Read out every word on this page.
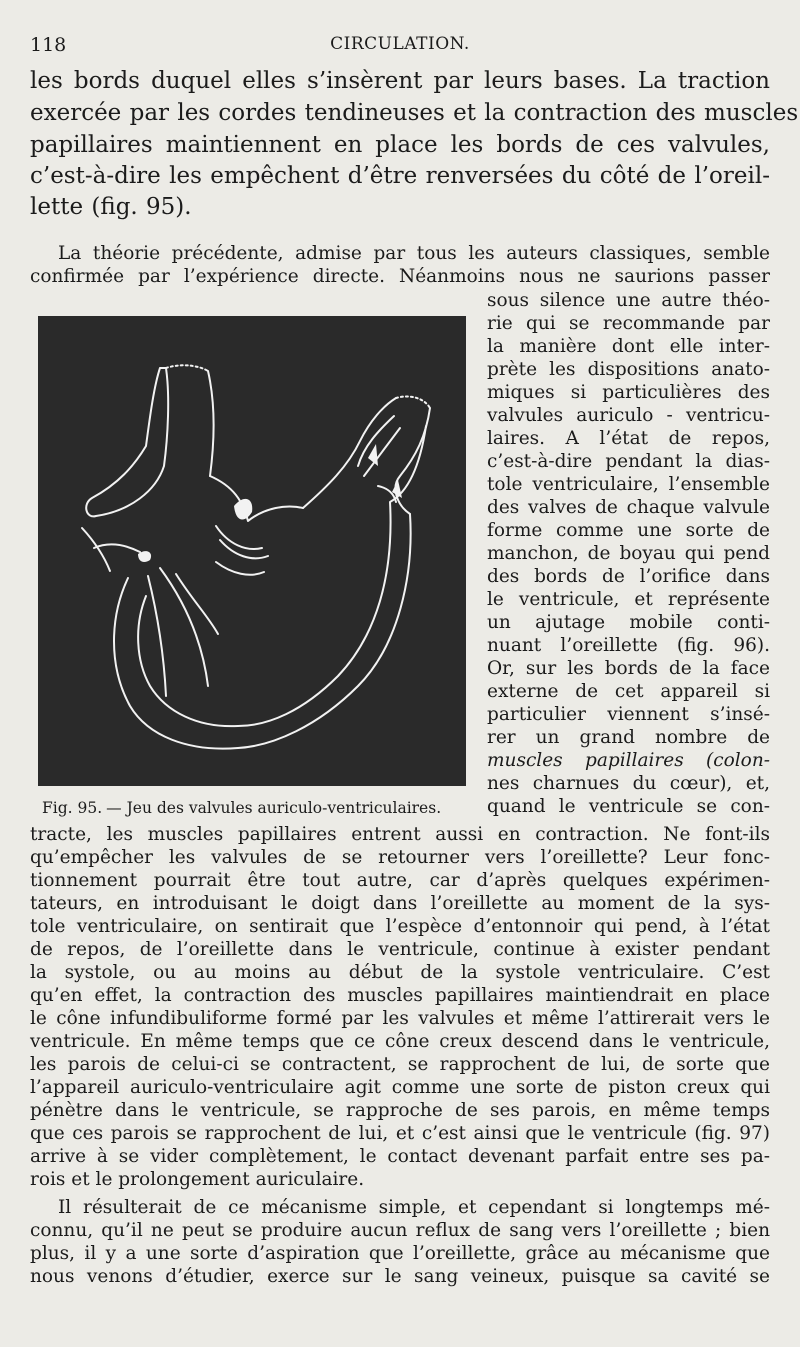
118	CIRCULATION.
les bords duquel elles s’insèrent par leurs bases. La traction
exercée par les cordes tendineuses et la contraction des muscles
papillaires maintiennent en place les bords de ces valvules,
c’est-à-dire les empêchent d’être renversées du côté de l’oreil-
lette (fig. 95).
La théorie précédente, admise par tous les auteurs classiques, semble
confirmée par l’expérience directe. Néanmoins nous ne saurions passer
Fig. 95. — Jeu des valvules auriculo-ventriculaires.
sous silence une autre théo-
rie qui se recommande par
la manière dont elle inter-
prète les dispositions anato-
miques si particulières des
valvules auriculo - ventricu-
laires. A l’état de repos,
c’est-à-dire pendant la dias-
tole ventriculaire, l’ensemble
des valves de chaque valvule
forme comme une sorte de
manchon, de boyau qui pend
des bords de l’orifice dans
le ventricule, et représente
un ajutage mobile conti-
nuant l’oreillette (fig. 96).
Or, sur les bords de la face
externe de cet appareil si
particulier viennent s’insé-
rer un grand nombre de
muscles papillaires (colon-
nes charnues du cœur), et,
quand le ventricule se con-
tracte, les muscles papillaires entrent aussi en contraction. Ne font-ils
qu’empêcher les valvules de se retourner vers l’oreillette? Leur fonc-
tionnement pourrait être tout autre, car d’après quelques expérimen-
tateurs, en introduisant le doigt dans l’oreillette au moment de la sys-
tole ventriculaire, on sentirait que l’espèce d’entonnoir qui pend, à l’état
de repos, de l’oreillette dans le ventricule, continue à exister pendant
la systole, ou au moins au début de la systole ventriculaire. C’est
qu’en effet, la contraction des muscles papillaires maintiendrait en place
le cône infundibuliforme formé par les valvules et même l’attirerait vers le
ventricule. En même temps que ce cône creux descend dans le ventricule,
les parois de celui-ci se contractent, se rapprochent de lui, de sorte que
l’appareil auriculo-ventriculaire agit comme une sorte de piston creux qui
pénètre dans le ventricule, se rapproche de ses parois, en même temps
que ces parois se rapprochent de lui, et c’est ainsi que le ventricule (fig. 97)
arrive à se vider complètement, le contact devenant parfait entre ses pa-
rois et le prolongement auriculaire.
Il résulterait de ce mécanisme simple, et cependant si longtemps mé-
connu, qu’il ne peut se produire aucun reflux de sang vers l’oreillette ; bien
plus, il y a une sorte d’aspiration que l’oreillette, grâce au mécanisme que
nous venons d’étudier, exerce sur le sang veineux, puisque sa cavité se
